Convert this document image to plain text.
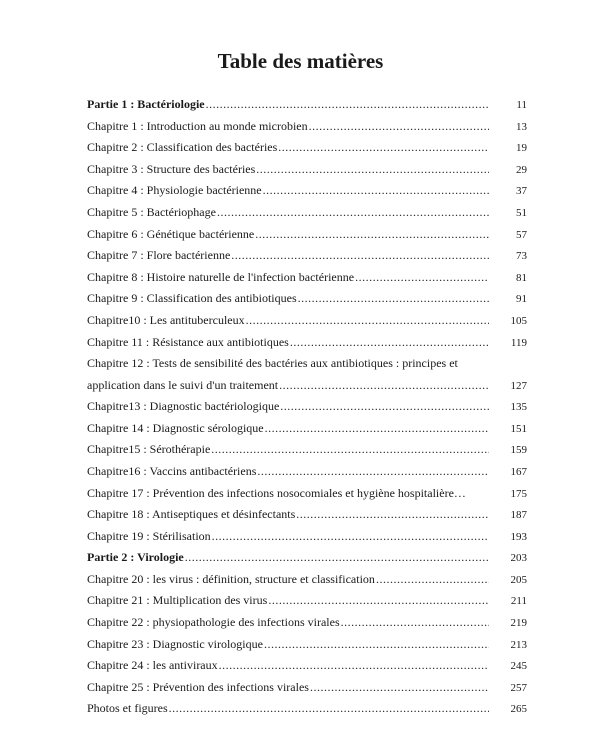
Table des matières
Partie 1 : Bactériologie .....	11
Chapitre 1 : Introduction au monde microbien .....	13
Chapitre 2 : Classification des bactéries .....	19
Chapitre 3 : Structure des bactéries .....	29
Chapitre 4 : Physiologie bactérienne .....	37
Chapitre 5 : Bactériophage .....	51
Chapitre 6 : Génétique bactérienne .....	57
Chapitre 7 : Flore bactérienne .....	73
Chapitre 8 : Histoire naturelle de l'infection bactérienne .....	81
Chapitre 9 : Classification des antibiotiques .....	91
Chapitre10 : Les antituberculeux .....	105
Chapitre 11 : Résistance aux antibiotiques .....	119
Chapitre 12 : Tests de sensibilité des bactéries aux antibiotiques : principes et
application dans le suivi d'un traitement .....	127
Chapitre13 : Diagnostic bactériologique .....	135
Chapitre 14 : Diagnostic sérologique .....	151
Chapitre15 : Sérothérapie .....	159
Chapitre16 : Vaccins antibactériens .....	167
Chapitre 17 : Prévention des infections nosocomiales et hygiène hospitalière…	175
Chapitre 18 : Antiseptiques et désinfectants .....	187
Chapitre 19 : Stérilisation .....	193
Partie 2 : Virologie .....	203
Chapitre 20 : les virus : définition, structure et classification .....	205
Chapitre 21 : Multiplication des virus .....	211
Chapitre 22 : physiopathologie des infections virales .....	219
Chapitre 23 : Diagnostic virologique .....	213
Chapitre 24 : les antiviraux .....	245
Chapitre 25 : Prévention des infections virales .....	257
Photos et figures .....	265
